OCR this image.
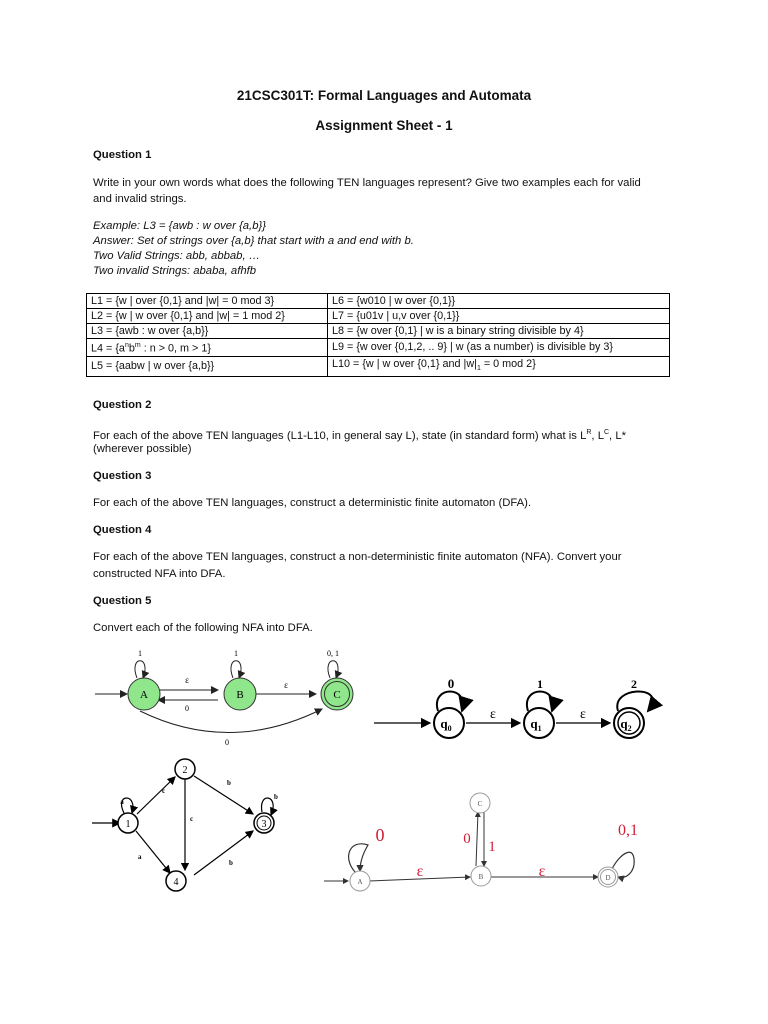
21CSC301T: Formal Languages and Automata
Assignment Sheet - 1
Question 1
Write in your own words what does the following TEN languages represent? Give two examples each for valid
and invalid strings.
Example: L3 = {awb : w over {a,b}}
Answer: Set of strings over {a,b} that start with a and end with b.
Two Valid Strings: abb, abbab, …
Two invalid Strings: ababa, afhfb
L1 = {w | over {0,1} and |w| = 0 mod 3}	L6 = {w010 | w over {0,1}}
L2 = {w | w over {0,1} and |w| = 1 mod 2}	L7 = {u01v | u,v over {0,1}}
L3 = {awb : w over {a,b}}	L8 = {w over {0,1} | w is a binary string divisible by 4}
$L4 = \{a^nb^m$ : n > 0, m > 1}	L9 = {w over {0,1,2, .. 9} | w (as a number) is divisible by 3}
L5 = {aabw | w over {a,b}}	L10 = {w | w over {0,1} and $|w|_1 = 0$ mod 2}
Question 2
For each of the above TEN languages (L1-L10, in general say L), state (in standard form) what is $L^R$, $L^C$, L*
(wherever possible)
Question 3
For each of the above TEN languages, construct a deterministic finite automaton (DFA).
Question 4
For each of the above TEN languages, construct a non-deterministic finite automaton (NFA). Convert your
constructed NFA into DFA.
Question 5
Convert each of the following NFA into DFA.
1	1	0, 1
ε
0
ε
0
A	B	C
0	1	2
ε	ε
$q_0$	$q_1$	$q_2$
a
b
c
a
b
c
b
1
2
3
4
0	0,1
ε	ε
0 1
A
B
C
D
